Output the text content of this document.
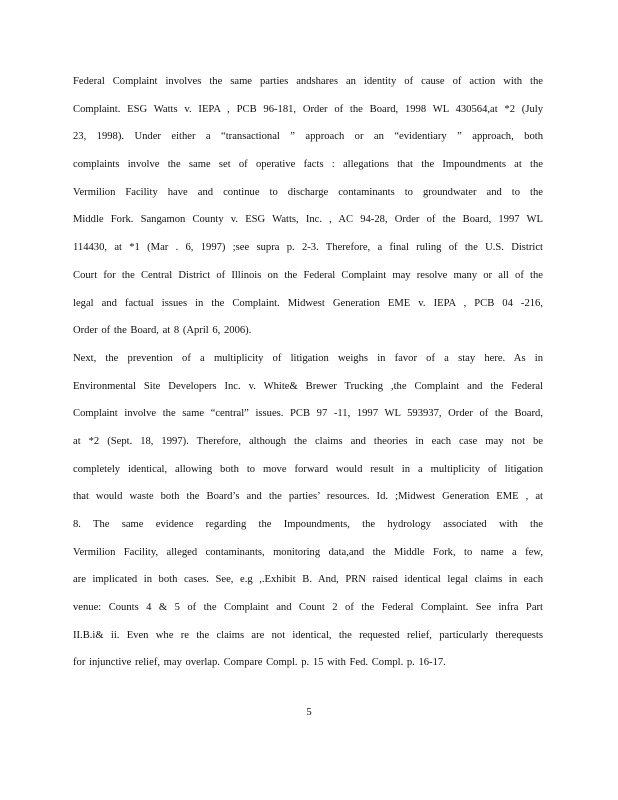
Federal Complaint involves the same parties andshares an identity of cause of action with the
Complaint. ESG Watts v. IEPA , PCB 96-181, Order of the Board, 1998 WL 430564,at *2 (July
23, 1998). Under either a “transactional ” approach or an “evidentiary ” approach, both
complaints involve the same set of operative facts : allegations that the Impoundments at the
Vermilion Facility have and continue to discharge contaminants to groundwater and to the
Middle Fork. Sangamon County v. ESG Watts, Inc. , AC 94-28, Order of the Board, 1997 WL
114430, at *1 (Mar . 6, 1997) ;see supra p. 2-3. Therefore, a final ruling of the U.S. District
Court for the Central District of Illinois on the Federal Complaint may resolve many or all of the
legal and factual issues in the Complaint. Midwest Generation EME v. IEPA , PCB 04 -216,
Order of the Board, at 8 (April 6, 2006).
Next, the prevention of a multiplicity of litigation weighs in favor of a stay here. As in
Environmental Site Developers Inc. v. White& Brewer Trucking ,the Complaint and the Federal
Complaint involve the same “central” issues. PCB 97 -11, 1997 WL 593937, Order of the Board,
at *2 (Sept. 18, 1997). Therefore, although the claims and theories in each case may not be
completely identical, allowing both to move forward would result in a multiplicity of litigation
that would waste both the Board’s and the parties’ resources. Id. ;Midwest Generation EME , at
8. The same evidence regarding the Impoundments, the hydrology associated with the
Vermilion Facility, alleged contaminants, monitoring data,and the Middle Fork, to name a few,
are implicated in both cases. See, e.g ,.Exhibit B. And, PRN raised identical legal claims in each
venue: Counts 4 & 5 of the Complaint and Count 2 of the Federal Complaint. See infra Part
II.B.i& ii. Even whe re the claims are not identical, the requested relief, particularly therequests
for injunctive relief, may overlap. Compare Compl. p. 15 with Fed. Compl. p. 16-17.
5
